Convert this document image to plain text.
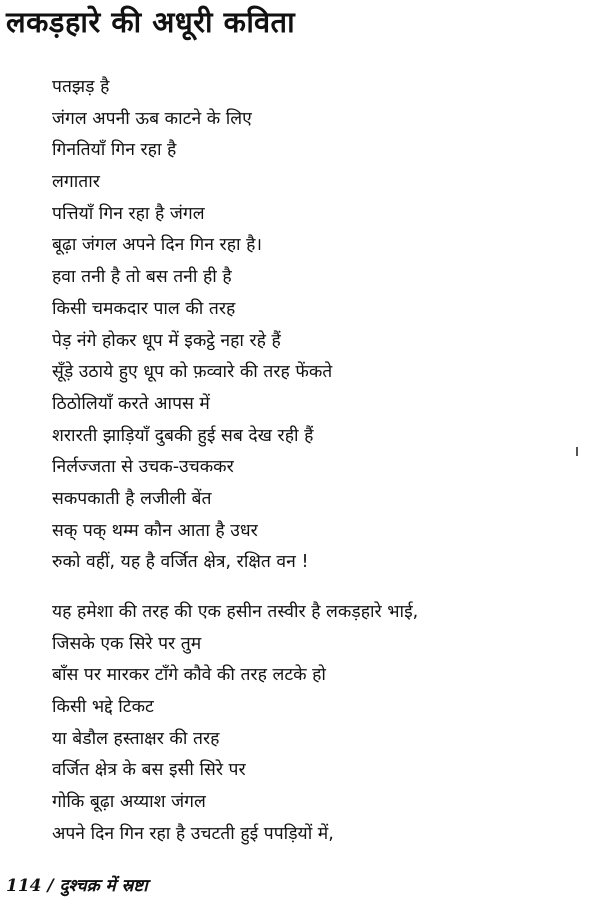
लकड़हारे की अधूरी कविता
पतझड़ है
जंगल अपनी ऊब काटने के लिए
गिनतियाँ गिन रहा है
लगातार
पत्तियाँ गिन रहा है जंगल
बूढ़ा जंगल अपने दिन गिन रहा है।
हवा तनी है तो बस तनी ही है
किसी चमकदार पाल की तरह
पेड़ नंगे होकर धूप में इकट्ठे नहा रहे हैं
सूँड़े उठाये हुए धूप को फ़व्वारे की तरह फेंकते
ठिठोलियाँ करते आपस में
शरारती झाड़ियाँ दुबकी हुई सब देख रही हैं
निर्लज्जता से उचक-उचककर
सकपकाती है लजीली बेंत
सक् पक् थम्म कौन आता है उधर
रुको वहीं, यह है वर्जित क्षेत्र, रक्षित वन !
यह हमेशा की तरह की एक हसीन तस्वीर है लकड़हारे भाई,
जिसके एक सिरे पर तुम
बाँस पर मारकर टाँगे कौवे की तरह लटके हो
किसी भद्दे टिकट
या बेडौल हस्ताक्षर की तरह
वर्जित क्षेत्र के बस इसी सिरे पर
गोकि बूढ़ा अय्याश जंगल
अपने दिन गिन रहा है उचटती हुई पपड़ियों में,
114 / दुश्चक्र में स्रष्टा
